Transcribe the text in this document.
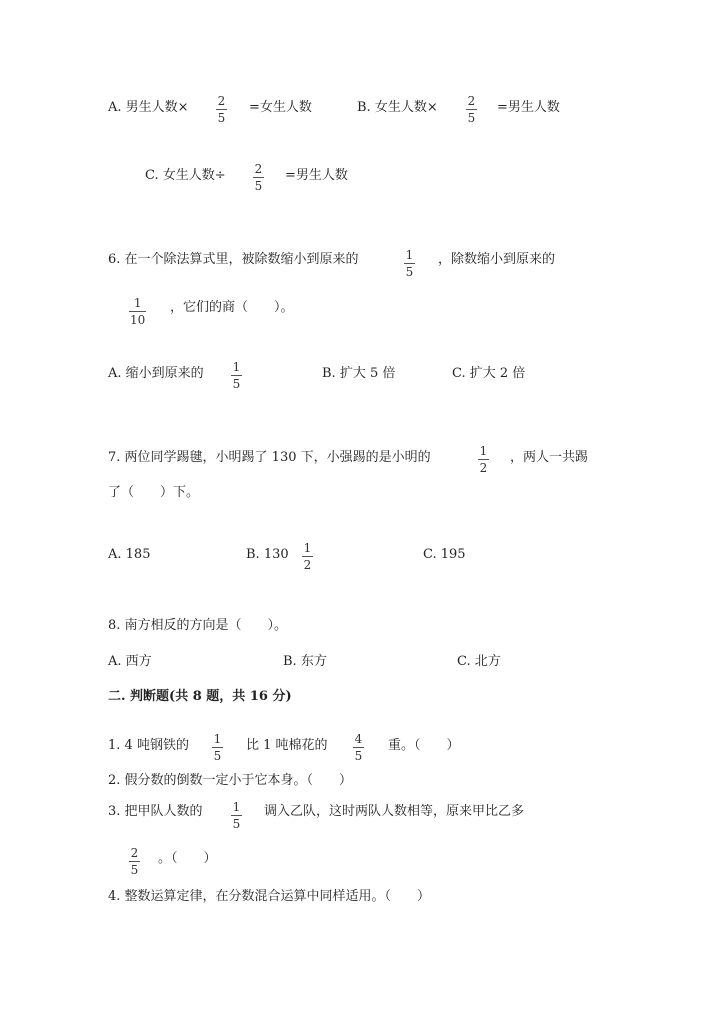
A. 男生人数× 2
5
=女生人数	B. 女生人数× 2
5
=男生人数
C. 女生人数÷ 2
5
=男生人数
6. 在一个除法算式里，被除数缩小到原来的	1
5
，除数缩小到原来的
1
10
，它们的商（　　）。
A. 缩小到原来的 1
5
B. 扩大 5 倍	C. 扩大 2 倍
7. 两位同学踢毽，小明踢了 130 下，小强踢的是小明的	1
2
，两人一共踢
了（　　）下。
A. 185	B. 130 1
2
C. 195
8. 南方相反的方向是（　　）。
A. 西方	B. 东方	C. 北方
二. 判断题(共 8 题，共 16 分)
1. 4 吨钢铁的 1
5
比 1 吨棉花的 4
5
重。（　　）
2. 假分数的倒数一定小于它本身。（　　）
3. 把甲队人数的	1
5
调入乙队，这时两队人数相等，原来甲比乙多
2
5
。（　　）
4. 整数运算定律，在分数混合运算中同样适用。（　　）
